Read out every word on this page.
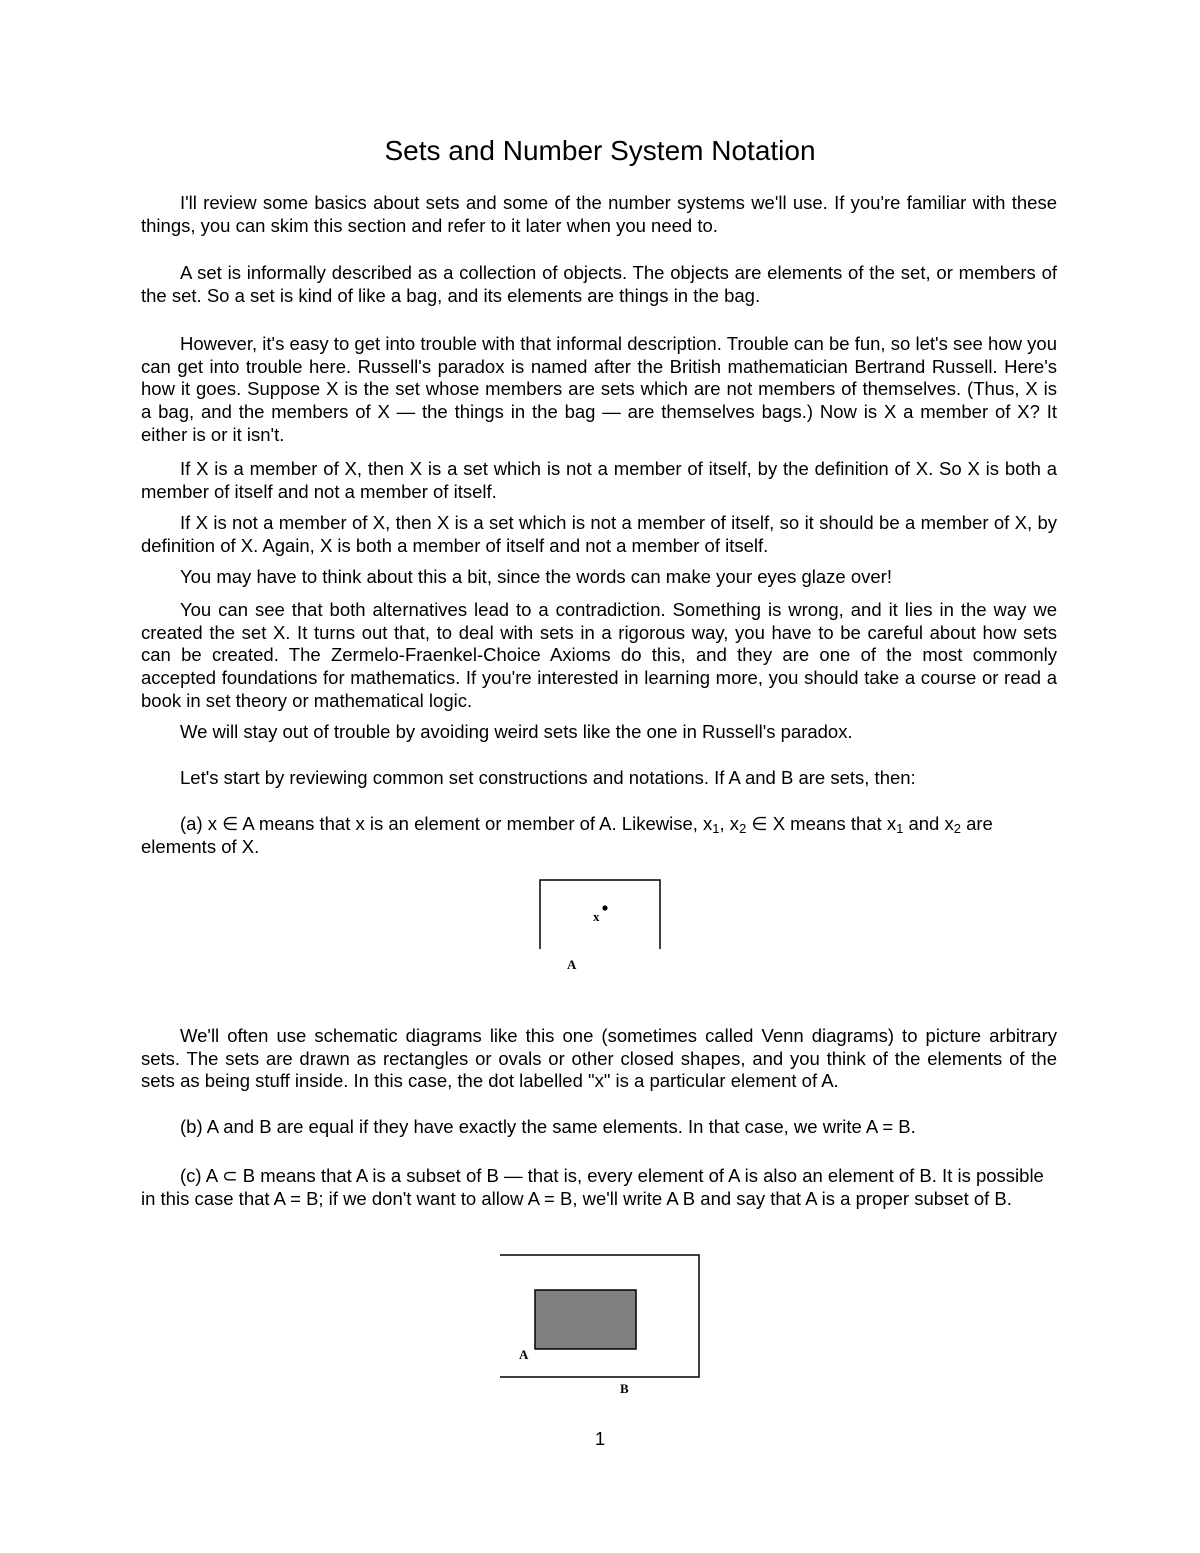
Sets and Number System Notation

I'll review some basics about sets and some of the number systems we'll use. If you're familiar with these things, you can skim this section and refer to it later when you need to.

A set is informally described as a collection of objects. The objects are elements of the set, or members of the set. So a set is kind of like a bag, and its elements are things in the bag.

However, it's easy to get into trouble with that informal description. Trouble can be fun, so let's see how you can get into trouble here. Russell's paradox is named after the British mathematician Bertrand Russell. Here's how it goes. Suppose X is the set whose members are sets which are not members of themselves. (Thus, X is a bag, and the members of X — the things in the bag — are themselves bags.) Now is X a member of X? It either is or it isn't.

If X is a member of X, then X is a set which is not a member of itself, by the definition of X. So X is both a member of itself and not a member of itself.

If X is not a member of X, then X is a set which is not a member of itself, so it should be a member of X, by definition of X. Again, X is both a member of itself and not a member of itself.

You may have to think about this a bit, since the words can make your eyes glaze over!

You can see that both alternatives lead to a contradiction. Something is wrong, and it lies in the way we created the set X. It turns out that, to deal with sets in a rigorous way, you have to be careful about how sets can be created. The Zermelo-Fraenkel-Choice Axioms do this, and they are one of the most commonly accepted foundations for mathematics. If you're interested in learning more, you should take a course or read a book in set theory or mathematical logic.

We will stay out of trouble by avoiding weird sets like the one in Russell's paradox.

Let's start by reviewing common set constructions and notations. If A and B are sets, then:

(a) x ∈ A means that x is an element or member of A. Likewise, $x_1$, $x_2$ ∈ X means that $x_1$ and $x_2$ are elements of X.

x
A

We'll often use schematic diagrams like this one (sometimes called Venn diagrams) to picture arbitrary sets. The sets are drawn as rectangles or ovals or other closed shapes, and you think of the elements of the sets as being stuff inside. In this case, the dot labelled "x" is a particular element of A.

(b) A and B are equal if they have exactly the same elements. In that case, we write A = B.

(c) A ⊂ B means that A is a subset of B — that is, every element of A is also an element of B. It is possible in this case that A = B; if we don't want to allow A = B, we'll write A B and say that A is a proper subset of B.

A
B
1
